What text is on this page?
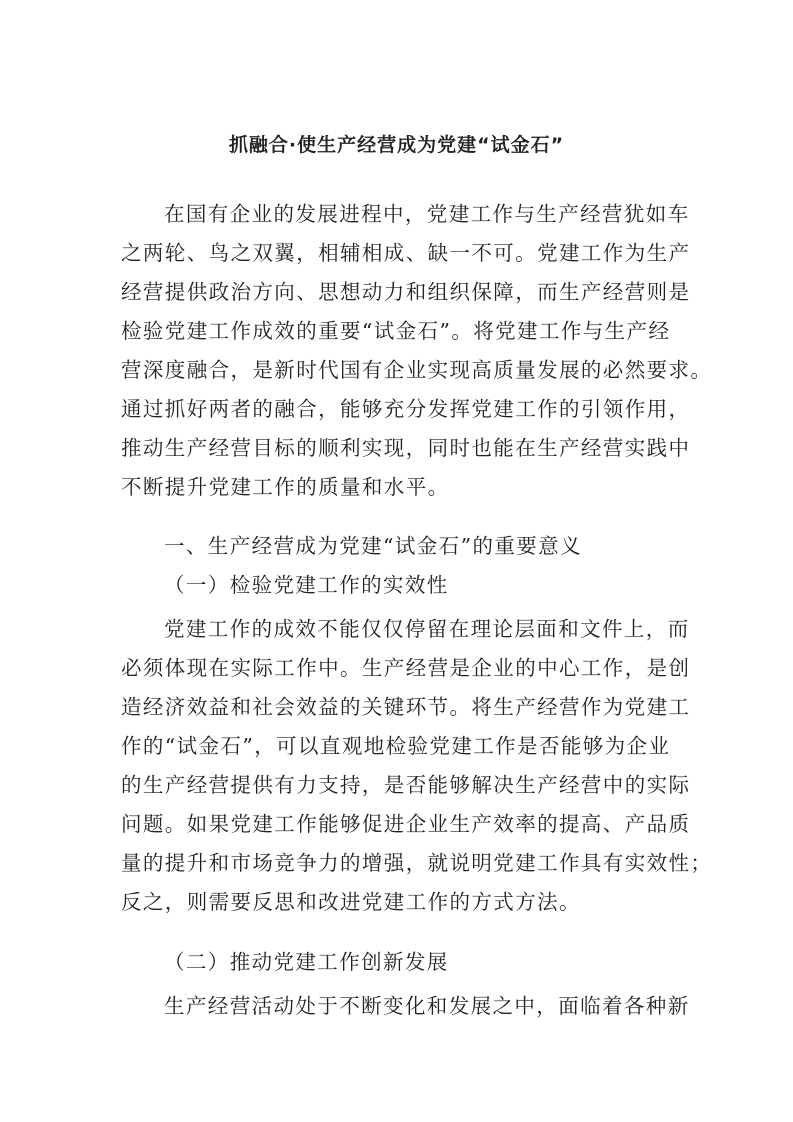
抓融合·使生产经营成为党建“试金石”
在国有企业的发展进程中，党建工作与生产经营犹如车
之两轮、鸟之双翼，相辅相成、缺一不可。党建工作为生产
经营提供政治方向、思想动力和组织保障，而生产经营则是
检验党建工作成效的重要“试金石”。将党建工作与生产经
营深度融合，是新时代国有企业实现高质量发展的必然要求。
通过抓好两者的融合，能够充分发挥党建工作的引领作用，
推动生产经营目标的顺利实现，同时也能在生产经营实践中
不断提升党建工作的质量和水平。
一、生产经营成为党建“试金石”的重要意义
（一）检验党建工作的实效性
党建工作的成效不能仅仅停留在理论层面和文件上，而
必须体现在实际工作中。生产经营是企业的中心工作，是创
造经济效益和社会效益的关键环节。将生产经营作为党建工
作的“试金石”，可以直观地检验党建工作是否能够为企业
的生产经营提供有力支持，是否能够解决生产经营中的实际
问题。如果党建工作能够促进企业生产效率的提高、产品质
量的提升和市场竞争力的增强，就说明党建工作具有实效性；
反之，则需要反思和改进党建工作的方式方法。
（二）推动党建工作创新发展
生产经营活动处于不断变化和发展之中，面临着各种新
